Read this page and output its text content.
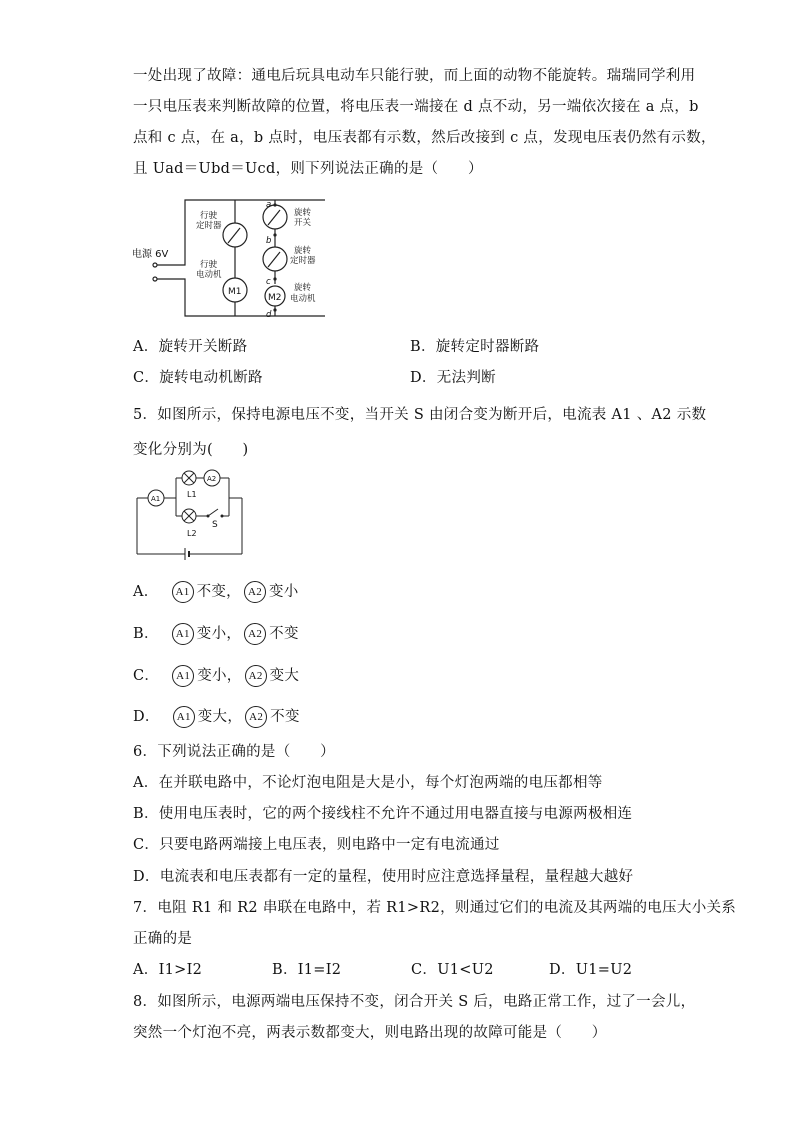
一处出现了故障：通电后玩具电动车只能行驶，而上面的动物不能旋转。瑞瑞同学利用
一只电压表来判断故障的位置，将电压表一端接在 d 点不动，另一端依次接在 a 点，b
点和 c 点，在 a，b 点时，电压表都有示数，然后改接到 c 点，发现电压表仍然有示数，
且 Uad＝Ubd＝Ucd，则下列说法正确的是（　　）
电源 6V
行驶
定时器
行驶
电动机
M1
旋转
开关
旋转
定时器
旋转
电动机
M2
a
b
c
d
A．旋转开关断路	B．旋转定时器断路
C．旋转电动机断路	D．无法判断
5．如图所示，保持电源电压不变，当开关 S 由闭合变为断开后，电流表 A1 、A2 示数
变化分别为(　　)
A1
A2
L1
L2
S
A． A1 不变， A2 变小
B． A1 变小， A2 不变
C． A1 变小， A2 变大
D． A1 变大， A2 不变
6．下列说法正确的是（　　）
A．在并联电路中，不论灯泡电阻是大是小，每个灯泡两端的电压都相等
B．使用电压表时，它的两个接线柱不允许不通过用电器直接与电源两极相连
C．只要电路两端接上电压表，则电路中一定有电流通过
D．电流表和电压表都有一定的量程，使用时应注意选择量程，量程越大越好
7．电阻 R1 和 R2 串联在电路中，若 R1>R2，则通过它们的电流及其两端的电压大小关系
正确的是
A．I1>I2	B．I1=I2	C．U1<U2	D．U1=U2
8．如图所示，电源两端电压保持不变，闭合开关 S 后，电路正常工作，过了一会儿，
突然一个灯泡不亮，两表示数都变大，则电路出现的故障可能是（　　）
